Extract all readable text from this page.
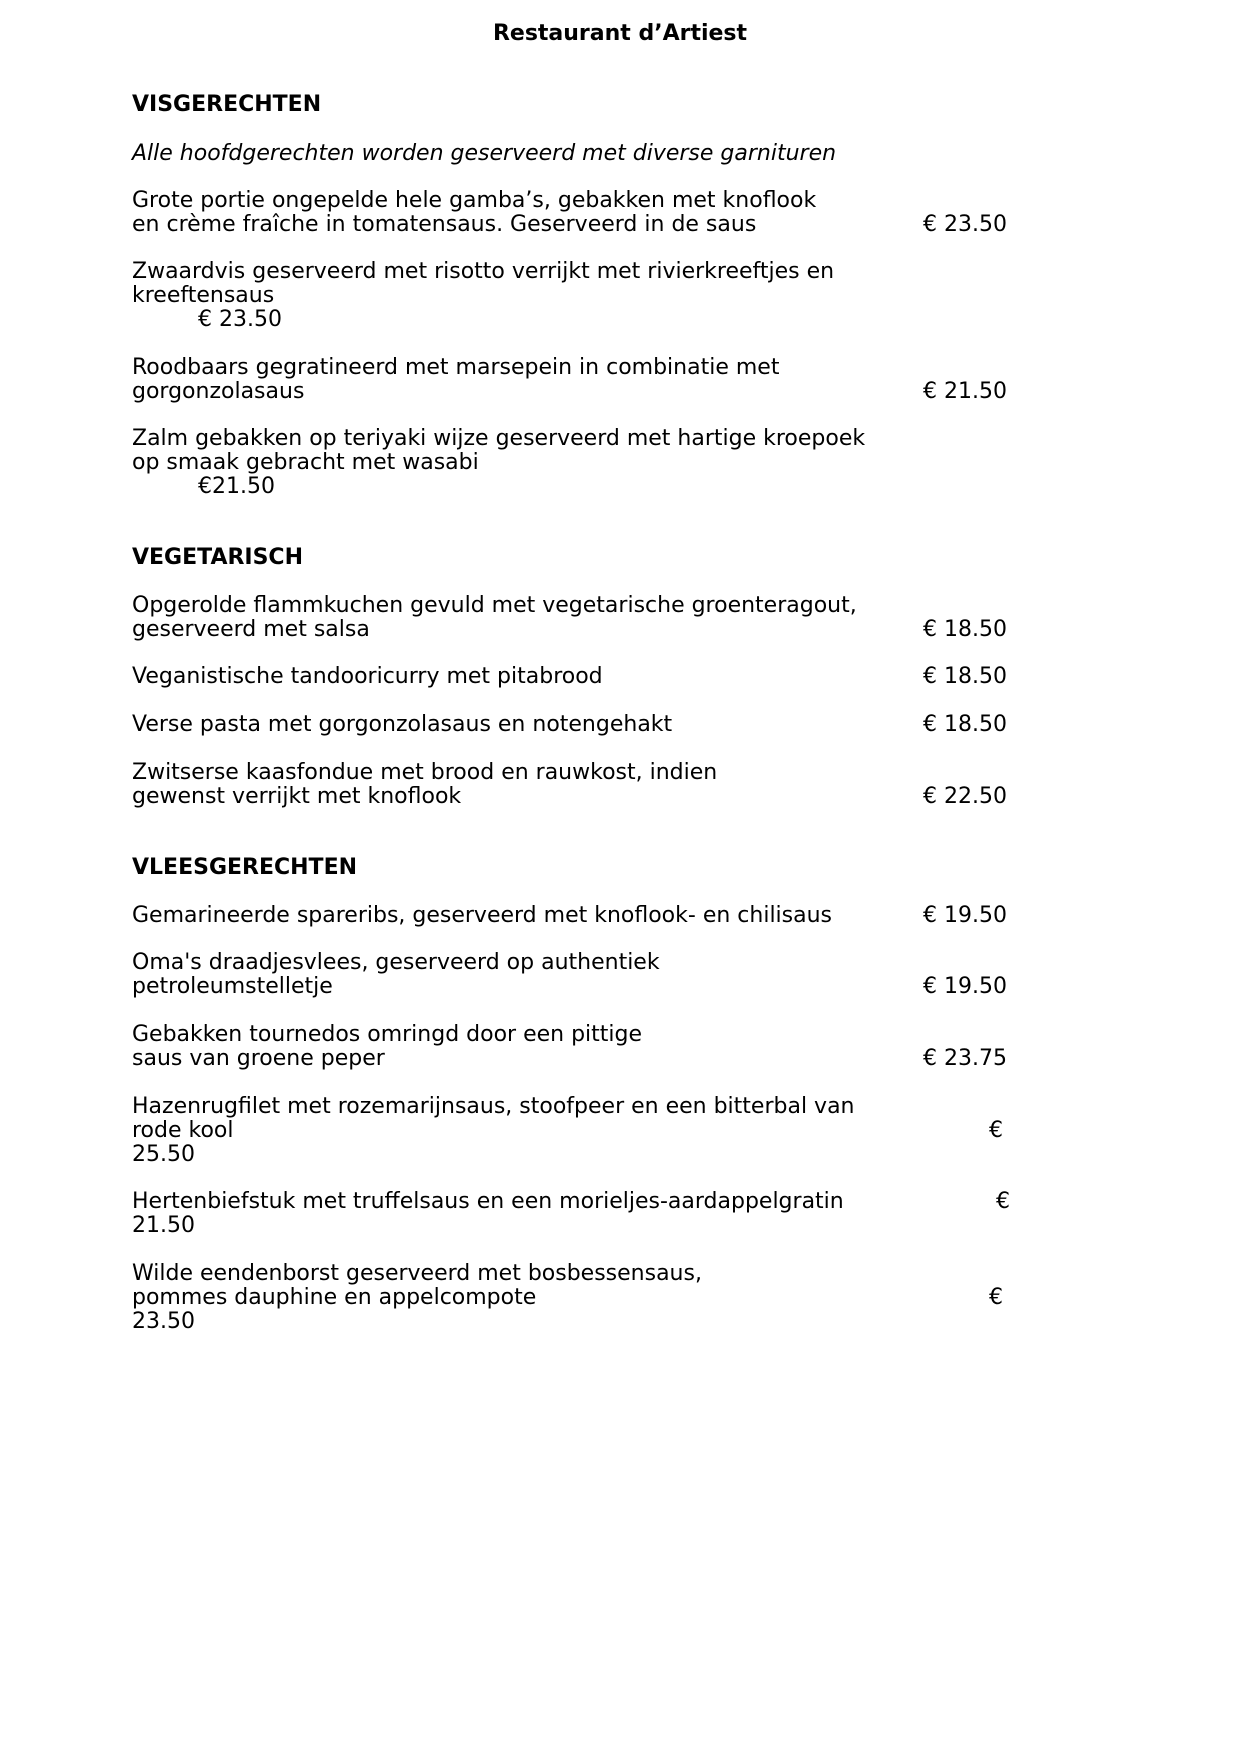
Restaurant d’Artiest
VISGERECHTEN
Alle hoofdgerechten worden geserveerd met diverse garnituren
Grote portie ongepelde hele gamba’s, gebakken met knoflook
en crème fraîche in tomatensaus. Geserveerd in de saus	€ 23.50
Zwaardvis geserveerd met risotto verrijkt met rivierkreeftjes en
kreeftensaus
€ 23.50
Roodbaars gegratineerd met marsepein in combinatie met
gorgonzolasaus	€ 21.50
Zalm gebakken op teriyaki wijze geserveerd met hartige kroepoek
op smaak gebracht met wasabi
€21.50
VEGETARISCH
Opgerolde flammkuchen gevuld met vegetarische groenteragout,
geserveerd met salsa	€ 18.50
Veganistische tandooricurry met pitabrood	€ 18.50
Verse pasta met gorgonzolasaus en notengehakt	€ 18.50
Zwitserse kaasfondue met brood en rauwkost, indien
gewenst verrijkt met knoflook	€ 22.50
VLEESGERECHTEN
Gemarineerde spareribs, geserveerd met knoflook- en chilisaus	€ 19.50
Oma's draadjesvlees, geserveerd op authentiek
petroleumstelletje	€ 19.50
Gebakken tournedos omringd door een pittige
saus van groene peper	€ 23.75
Hazenrugfilet met rozemarijnsaus, stoofpeer en een bitterbal van
rode kool	€
25.50
Hertenbiefstuk met truffelsaus en een morieljes-aardappelgratin	€
21.50
Wilde eendenborst geserveerd met bosbessensaus,
pommes dauphine en appelcompote	€
23.50
